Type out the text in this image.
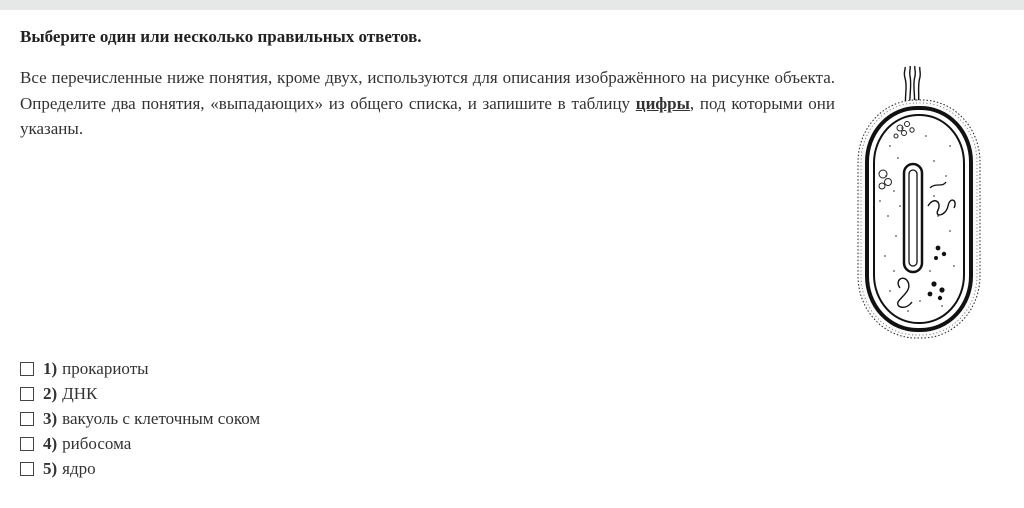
Выберите один или несколько правильных ответов.

Все перечисленные ниже понятия, кроме двух, используются для описания изображённого на рисунке объекта. Определите два понятия, «выпадающих» из общего списка, и запишите в таблицу цифры, под которыми они указаны.

1) прокариоты
2) ДНК
3) вакуоль с клеточным соком
4) рибосома
5) ядро
